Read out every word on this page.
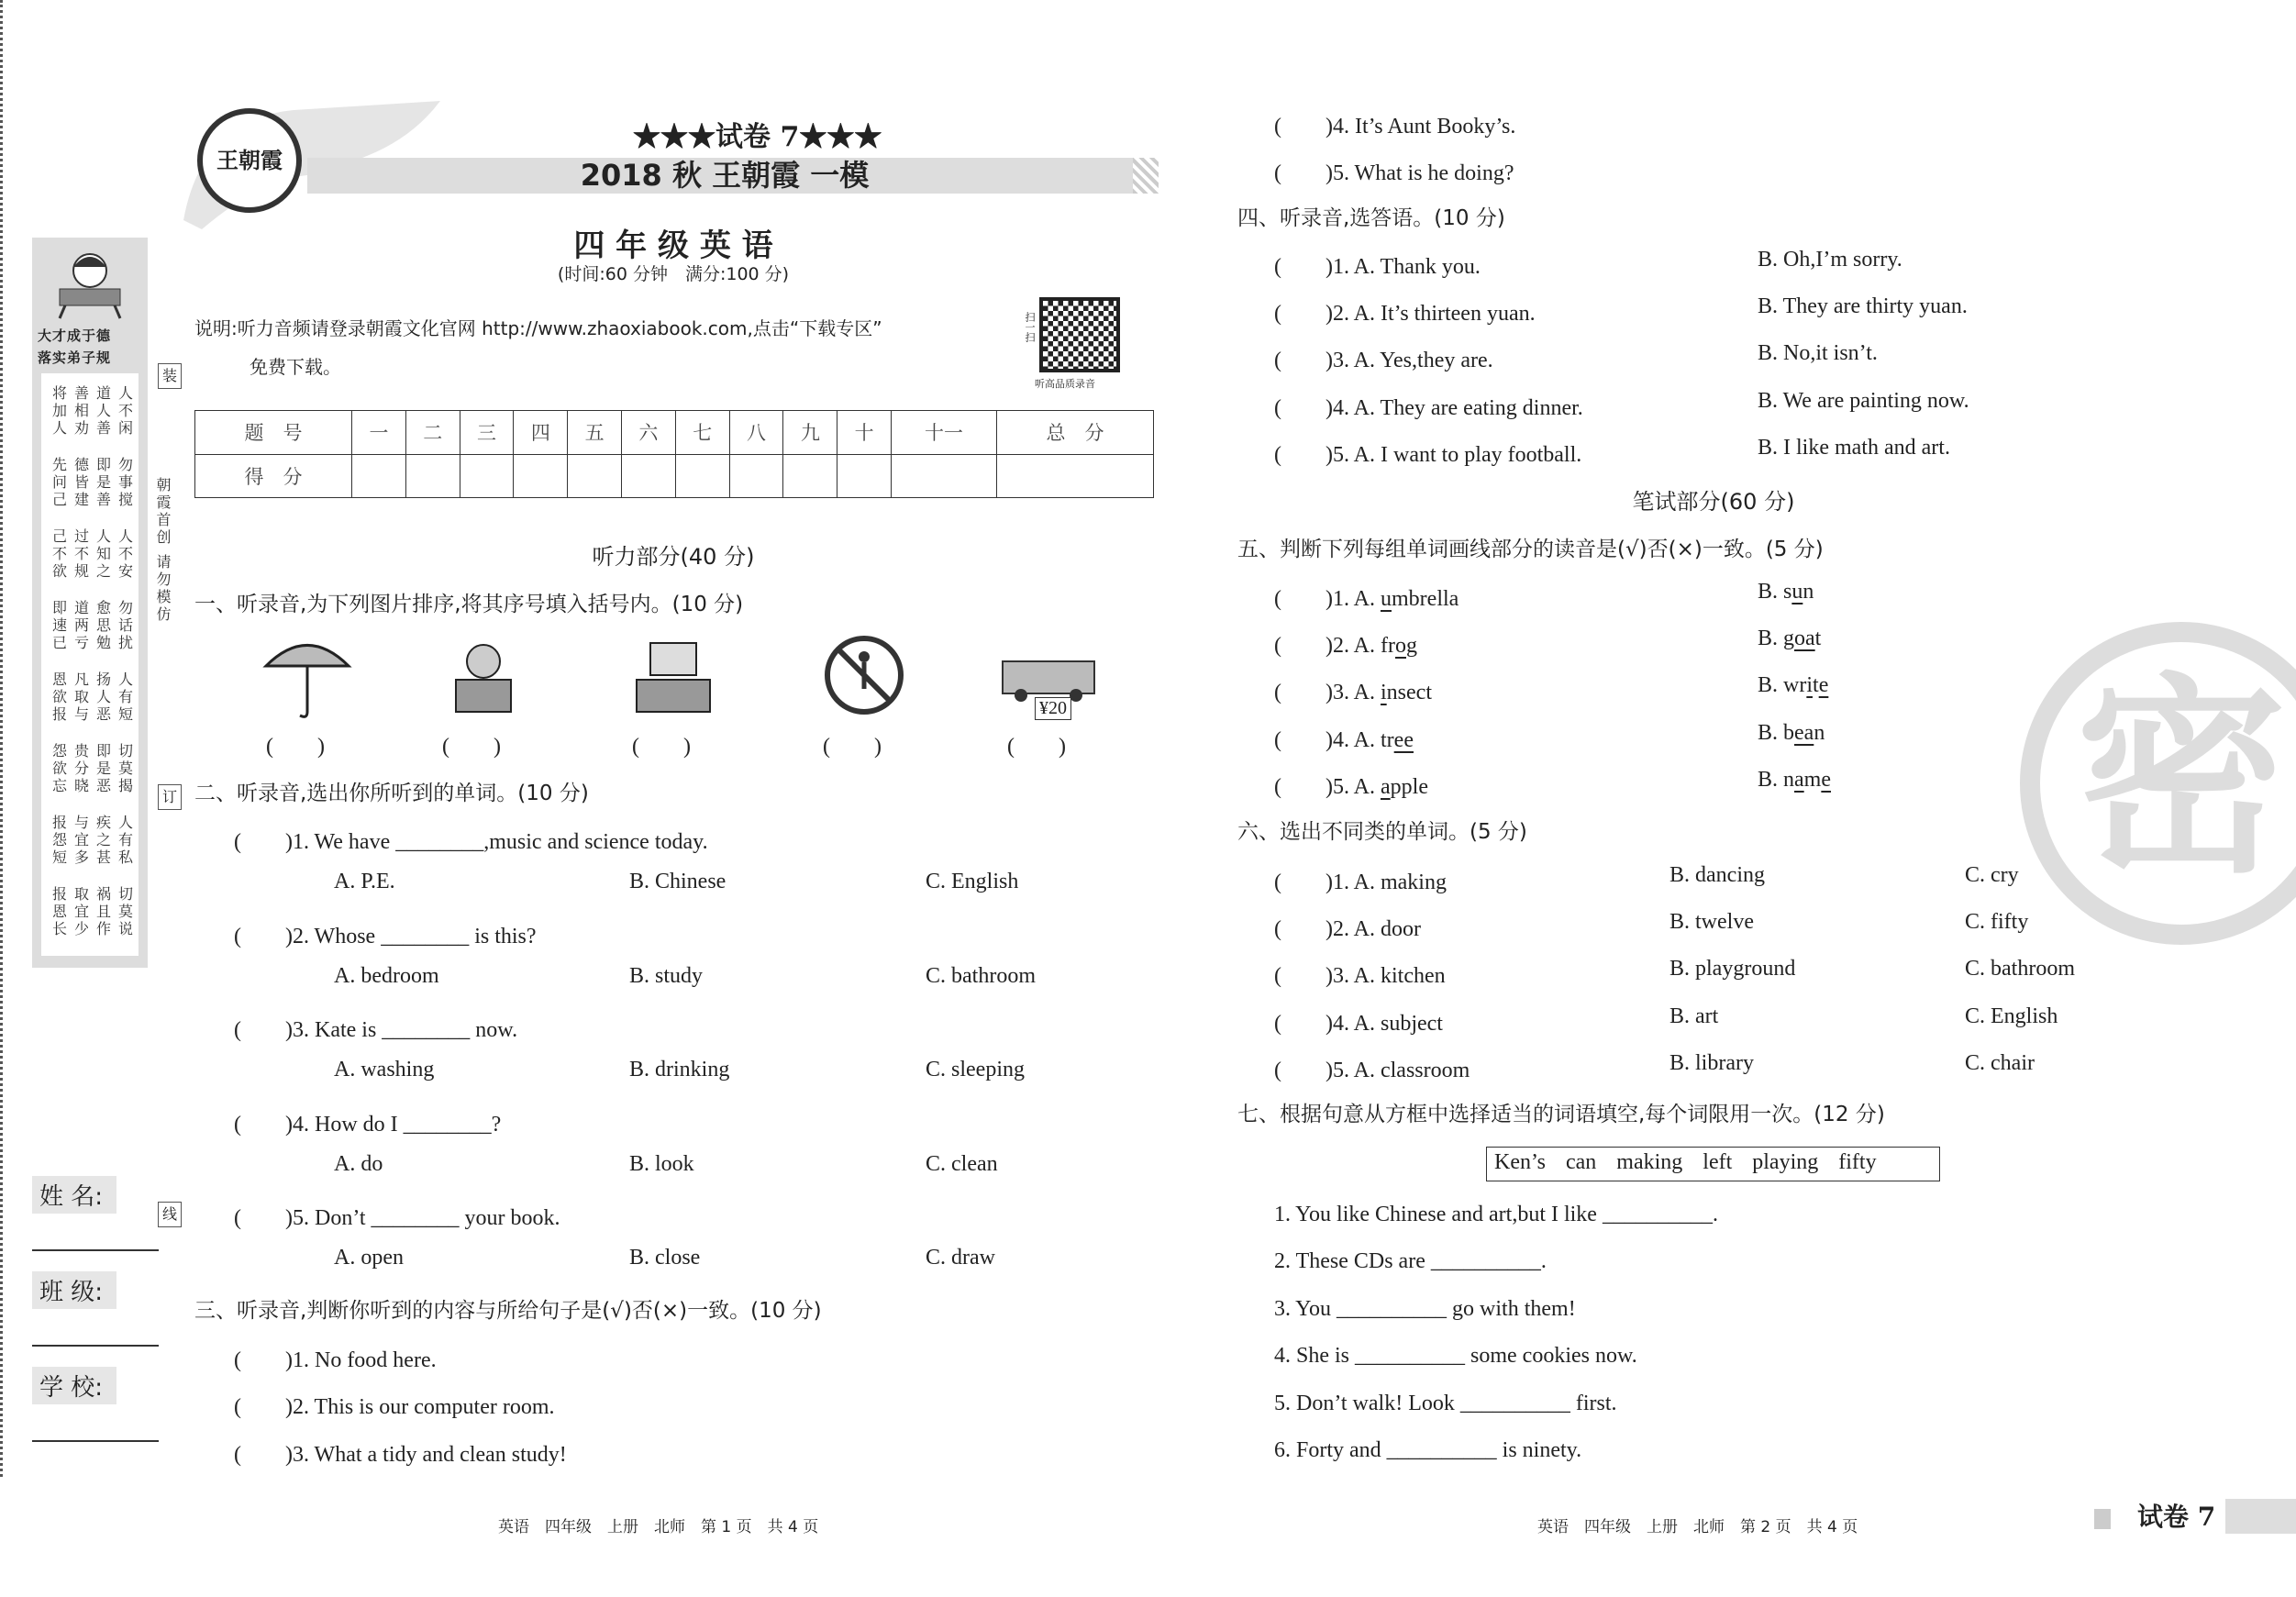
大才成于德
落实弟子规
将善道人
加相人不
人劝善闲
先德即勿
问皆是事
己建善搅
己过人人
不不知不
欲规之安
即道愈勿
速两思话
已亏勉扰
恩凡扬人
欲取人有
报与恶短
怨贵即切
欲分是莫
忘晓恶揭
报与疾人
怨宜之有
短多甚私
报取祸切
恩宜且莫
长少作说
朝霞首创 请勿模仿
装
订
线
姓 名:
班 级:
学 校:
王朝霞
★★★试卷 7★★★
2018 秋 王朝霞 一模
四 年 级 英 语
(时间:60 分钟　满分:100 分)
说明:听力音频请登录朝霞文化官网 http://www.zhaoxiabook.com,点击“下载专区”
免费下载。
扫一扫
听高品质录音
题　号	一	二	三	四	五	六	七	八	九	十	十一	总　分
得　分												
听力部分(40 分)
一、听录音,为下列图片排序,将其序号填入括号内。(10 分)
(　　)	(　　)	(　　)	(　　)	(　　)
¥20
二、听录音,选出你所听到的单词。(10 分)
(　　)1. We have ________,music and science today.
A. P.E.	B. Chinese	C. English
(　　)2. Whose ________ is this?
A. bedroom	B. study	C. bathroom
(　　)3. Kate is ________ now.
A. washing	B. drinking	C. sleeping
(　　)4. How do I ________?
A. do	B. look	C. clean
(　　)5. Don’t ________ your book.
A. open	B. close	C. draw
三、听录音,判断你听到的内容与所给句子是(√)否(×)一致。(10 分)
(　　)1. No food here.
(　　)2. This is our computer room.
(　　)3. What a tidy and clean study!
(　　)4. It’s Aunt Booky’s.
(　　)5. What is he doing?
四、听录音,选答语。(10 分)
(　　)1. A. Thank you.	B. Oh,I’m sorry.
(　　)2. A. It’s thirteen yuan.	B. They are thirty yuan.
(　　)3. A. Yes,they are.	B. No,it isn’t.
(　　)4. A. They are eating dinner.	B. We are painting now.
(　　)5. A. I want to play football.	B. I like math and art.
笔试部分(60 分)
五、判断下列每组单词画线部分的读音是(√)否(×)一致。(5 分)
(　　)1. A. umbrella	B. sun
(　　)2. A. frog	B. goat
(　　)3. A. insect	B. write
(　　)4. A. tree	B. bean
(　　)5. A. apple	B. name
六、选出不同类的单词。(5 分)
(　　)1. A. making	B. dancing	C. cry
(　　)2. A. door	B. twelve	C. fifty
(　　)3. A. kitchen	B. playground	C. bathroom
(　　)4. A. subject	B. art	C. English
(　　)5. A. classroom	B. library	C. chair
七、根据句意从方框中选择适当的词语填空,每个词限用一次。(12 分)
Ken’s can making left playing fifty
1. You like Chinese and art,but I like __________.
2. These CDs are __________.
3. You __________ go with them!
4. She is __________ some cookies now.
5. Don’t walk! Look __________ first.
6. Forty and __________ is ninety.
英语　四年级　上册　北师　第 1 页　共 4 页	英语　四年级　上册　北师　第 2 页　共 4 页	试卷 7
密
